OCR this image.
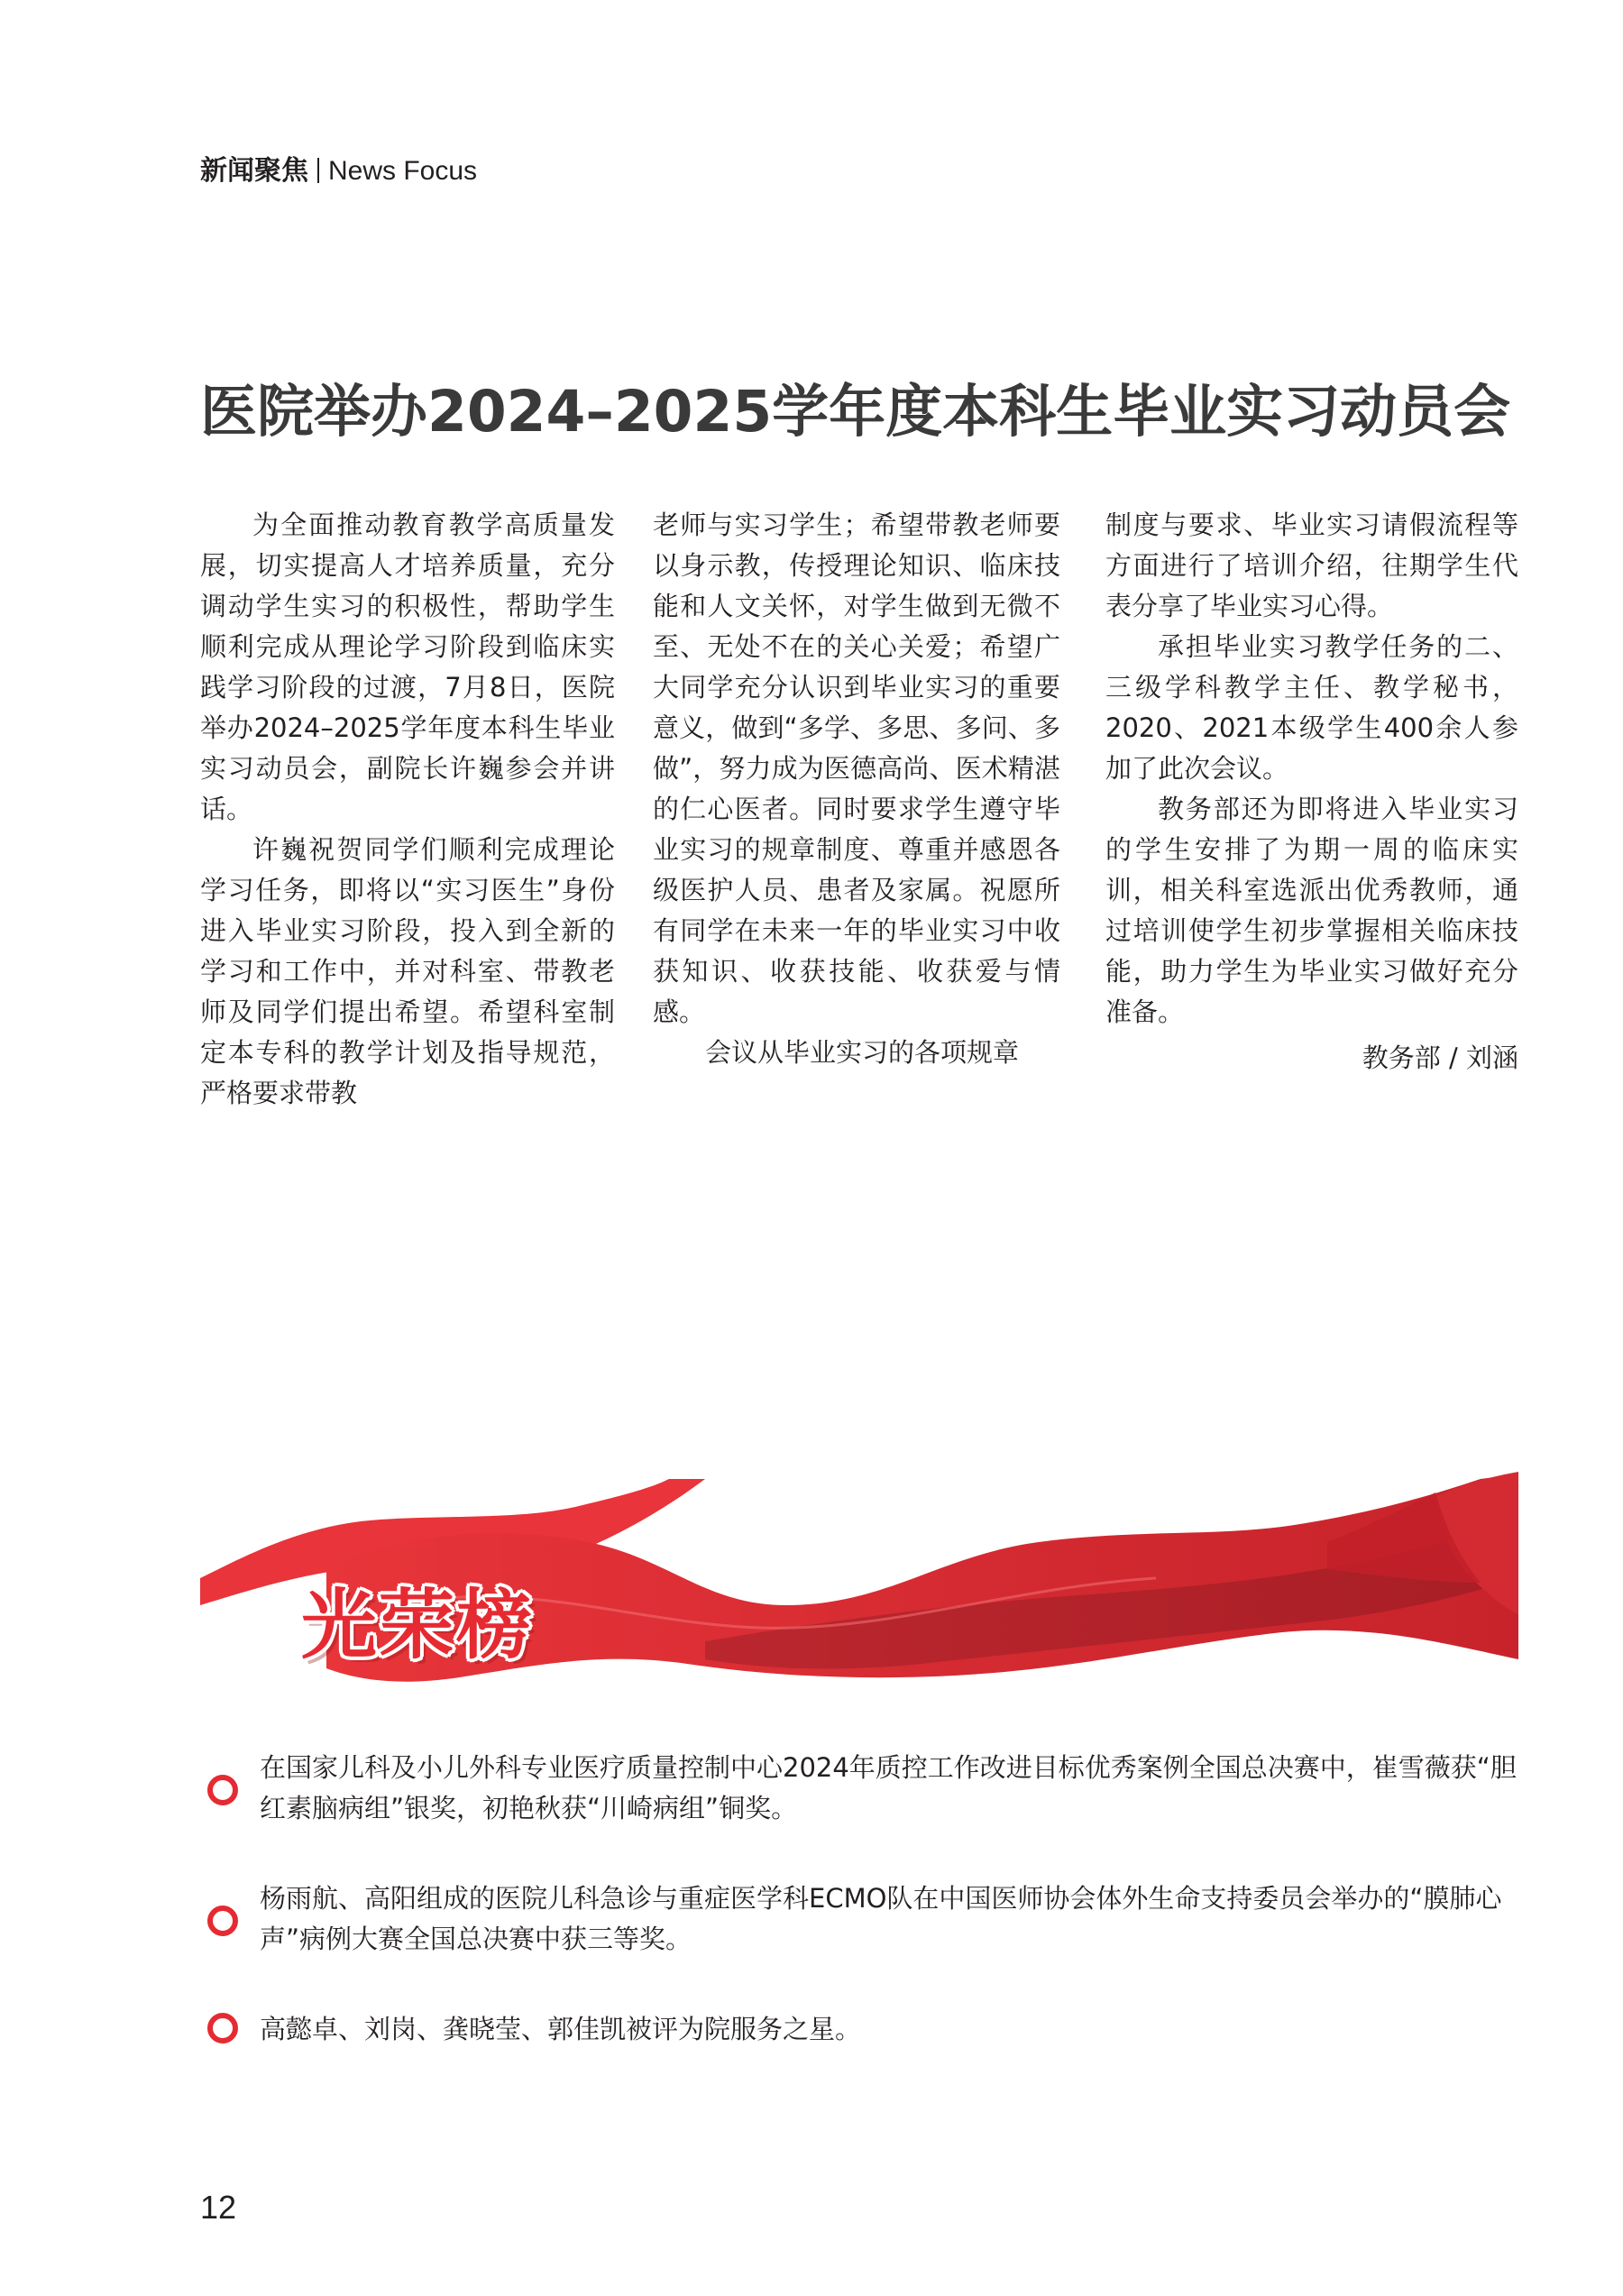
新闻聚焦 News Focus
医院举办2024–2025学年度本科生毕业实习动员会

为全面推动教育教学高质量发展，切实提高人才培养质量，充分调动学生实习的积极性，帮助学生顺利完成从理论学习阶段到临床实践学习阶段的过渡，7月8日，医院举办2024–2025学年度本科生毕业实习动员会，副院长许巍参会并讲话。

许巍祝贺同学们顺利完成理论学习任务，即将以“实习医生”身份进入毕业实习阶段，投入到全新的学习和工作中，并对科室、带教老师及同学们提出希望。希望科室制定本专科的教学计划及指导规范，严格要求带教

老师与实习学生；希望带教老师要以身示教，传授理论知识、临床技能和人文关怀，对学生做到无微不至、无处不在的关心关爱；希望广大同学充分认识到毕业实习的重要意义，做到“多学、多思、多问、多做”，努力成为医德高尚、医术精湛的仁心医者。同时要求学生遵守毕业实习的规章制度、尊重并感恩各级医护人员、患者及家属。祝愿所有同学在未来一年的毕业实习中收获知识、收获技能、收获爱与情感。

会议从毕业实习的各项规章

制度与要求、毕业实习请假流程等方面进行了培训介绍，往期学生代表分享了毕业实习心得。

承担毕业实习教学任务的二、三级学科教学主任、教学秘书，2020、2021本级学生400余人参加了此次会议。

教务部还为即将进入毕业实习的学生安排了为期一周的临床实训，相关科室选派出优秀教师，通过培训使学生初步掌握相关临床技能，助力学生为毕业实习做好充分准备。

教务部 / 刘涵

光荣榜

在国家儿科及小儿外科专业医疗质量控制中心2024年质控工作改进目标优秀案例全国总决赛中，崔雪薇获“胆红素脑病组”银奖，初艳秋获“川崎病组”铜奖。

杨雨航、高阳组成的医院儿科急诊与重症医学科ECMO队在中国医师协会体外生命支持委员会举办的“膜肺心声”病例大赛全国总决赛中获三等奖。

高懿卓、刘岗、龚晓莹、郭佳凯被评为院服务之星。

12
